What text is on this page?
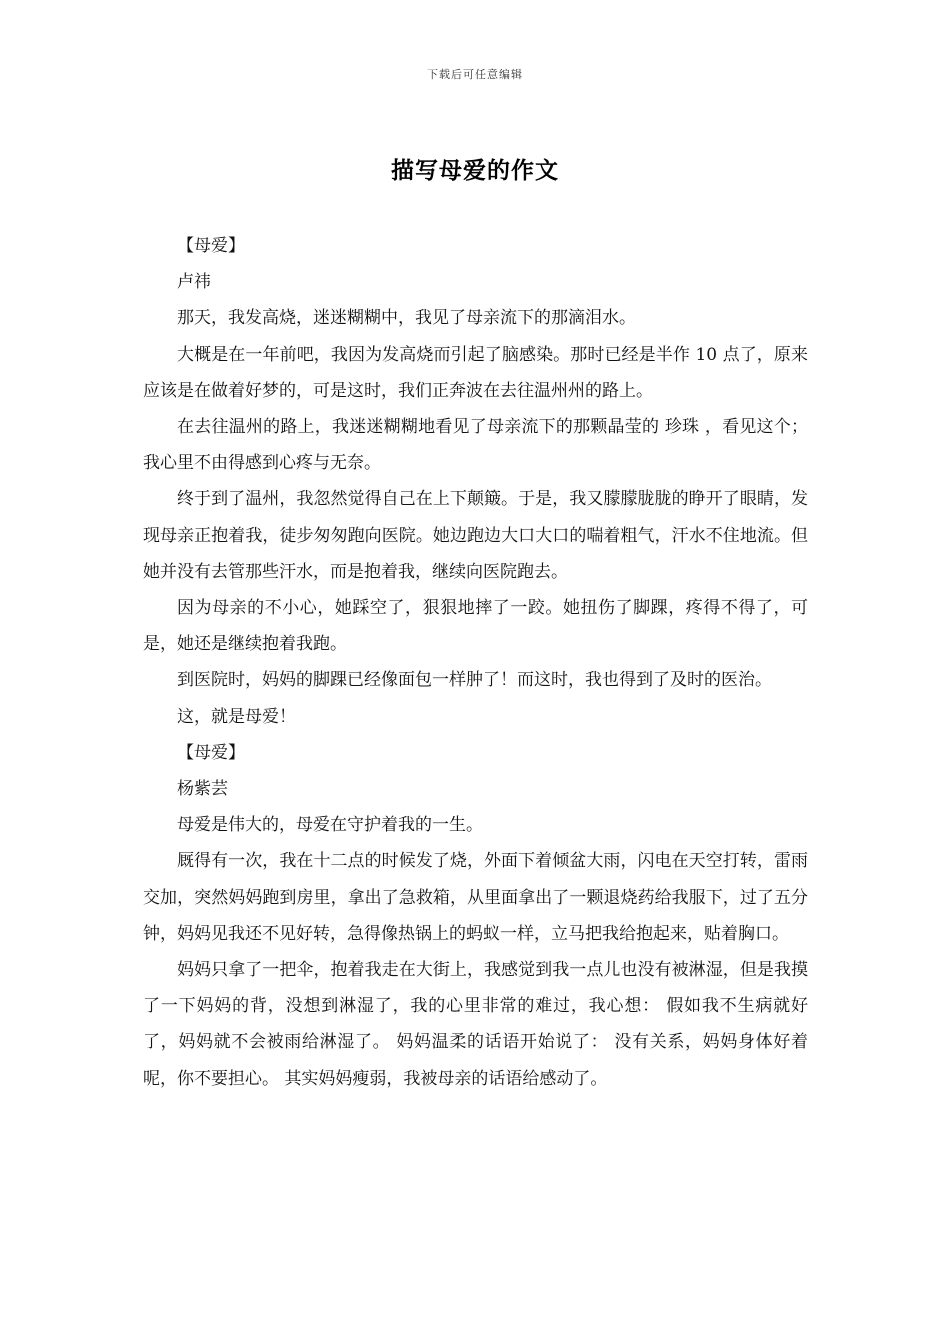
下载后可任意编辑
描写母爱的作文

【母爱】

卢祎

那天，我发高烧，迷迷糊糊中，我见了母亲流下的那滴泪水。

大概是在一年前吧，我因为发高烧而引起了脑感染。那时已经是半作 10 点了，原来应该是在做着好梦的，可是这时，我们正奔波在去往温州州的路上。

在去往温州的路上，我迷迷糊糊地看见了母亲流下的那颗晶莹的 珍珠 ，看见这个；我心里不由得感到心疼与无奈。

终于到了温州，我忽然觉得自己在上下颠簸。于是，我又朦朦胧胧的睁开了眼睛，发现母亲正抱着我，徒步匆匆跑向医院。她边跑边大口大口的喘着粗气，汗水不住地流。但她并没有去管那些汗水，而是抱着我，继续向医院跑去。

因为母亲的不小心，她踩空了，狠狠地摔了一跤。她扭伤了脚踝，疼得不得了，可是，她还是继续抱着我跑。

到医院时，妈妈的脚踝已经像面包一样肿了！而这时，我也得到了及时的医治。

这，就是母爱！

【母爱】

杨紫芸

母爱是伟大的，母爱在守护着我的一生。

厩得有一次，我在十二点的时候发了烧，外面下着倾盆大雨，闪电在天空打转，雷雨交加，突然妈妈跑到房里，拿出了急救箱，从里面拿出了一颗退烧药给我服下，过了五分钟，妈妈见我还不见好转，急得像热锅上的蚂蚁一样，立马把我给抱起来，贴着胸口。

妈妈只拿了一把伞，抱着我走在大街上，我感觉到我一点儿也没有被淋湿，但是我摸了一下妈妈的背，没想到淋湿了，我的心里非常的难过，我心想： 假如我不生病就好了，妈妈就不会被雨给淋湿了。 妈妈温柔的话语开始说了： 没有关系，妈妈身体好着呢，你不要担心。 其实妈妈瘦弱，我被母亲的话语给感动了。
